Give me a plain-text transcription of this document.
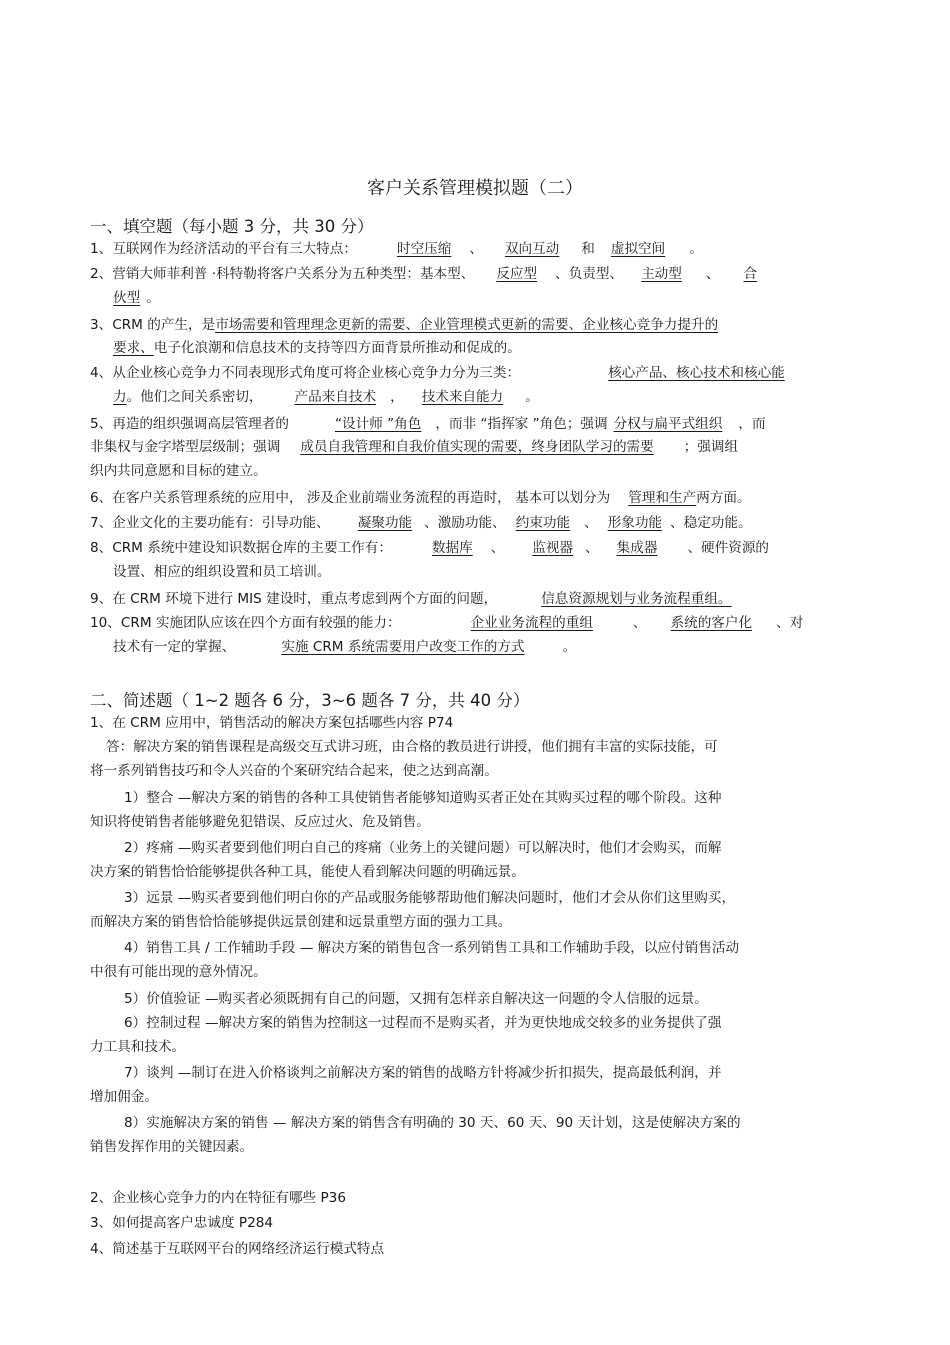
客户关系管理模拟题（二）
一、填空题（每小题 3 分，共 30 分）
1、互联网作为经济活动的平台有三大特点：	时空压缩 、 双向互动 和 虚拟空间 。
2、营销大师菲利普 ·科特勒将客户关系分为五种类型：基本型、 反应型 、负责型、 主动型 、 合
伙型 。
3、CRM 的产生，是市场需要和管理理念更新的需要、企业管理模式更新的需要、企业核心竞争力提升的
要求、电子化浪潮和信息技术的支持等四方面背景所推动和促成的。
4、从企业核心竞争力不同表现形式角度可将企业核心竞争力分为三类：	核心产品、核心技术和核心能
力。他们之间关系密切， 产品来自技术 ， 技术来自能力 。
5、再造的组织强调高层管理者的	“设计师 ”角色 ，而非 “指挥家 ”角色；强调 分权与扁平式组织 ，而
非集权与金字塔型层级制；强调 成员自我管理和自我价值实现的需要，终身团队学习的需要 ；强调组
织内共同意愿和目标的建立。
6、在客户关系管理系统的应用中， 涉及企业前端业务流程的再造时， 基本可以划分为 管理和生产两方面。
7、企业文化的主要功能有：引导功能、 凝聚功能 、激励功能、 约束功能 、 形象功能 、稳定功能。
8、CRM 系统中建设知识数据仓库的主要工作有：	数据库 、 监视器 、 集成器 、硬件资源的
设置、相应的组织设置和员工培训。
9、在 CRM 环境下进行 MIS 建设时，重点考虑到两个方面的问题，	信息资源规划与业务流程重组。
10、CRM 实施团队应该在四个方面有较强的能力：	企业业务流程的重组	、 系统的客户化 、对
技术有一定的掌握、	实施 CRM 系统需要用户改变工作的方式	。
二、简述题（ 1~2 题各 6 分，3~6 题各 7 分，共 40 分）
1、在 CRM 应用中，销售活动的解决方案包括哪些内容 P74
答：解决方案的销售课程是高级交互式讲习班，由合格的教员进行讲授，他们拥有丰富的实际技能，可
将一系列销售技巧和令人兴奋的个案研究结合起来，使之达到高潮。
1）整合 —解决方案的销售的各种工具使销售者能够知道购买者正处在其购买过程的哪个阶段。这种
知识将使销售者能够避免犯错误、反应过火、危及销售。
2）疼痛 —购买者要到他们明白自己的疼痛（业务上的关键问题）可以解决时，他们才会购买，而解
决方案的销售恰恰能够提供各种工具，能使人看到解决问题的明确远景。
3）远景 —购买者要到他们明白你的产品或服务能够帮助他们解决问题时，他们才会从你们这里购买，
而解决方案的销售恰恰能够提供远景创建和远景重塑方面的强力工具。
4）销售工具 / 工作辅助手段 — 解决方案的销售包含一系列销售工具和工作辅助手段，以应付销售活动
中很有可能出现的意外情况。
5）价值验证 —购买者必须既拥有自己的问题，又拥有怎样亲自解决这一问题的令人信服的远景。
6）控制过程 —解决方案的销售为控制这一过程而不是购买者，并为更快地成交较多的业务提供了强
力工具和技术。
7）谈判 —制订在进入价格谈判之前解决方案的销售的战略方针将减少折扣损失，提高最低利润，并
增加佣金。
8）实施解决方案的销售 — 解决方案的销售含有明确的 30 天、60 天、90 天计划，这是使解决方案的
销售发挥作用的关键因素。
2、企业核心竞争力的内在特征有哪些 P36
3、如何提高客户忠诚度 P284
4、简述基于互联网平台的网络经济运行模式特点
